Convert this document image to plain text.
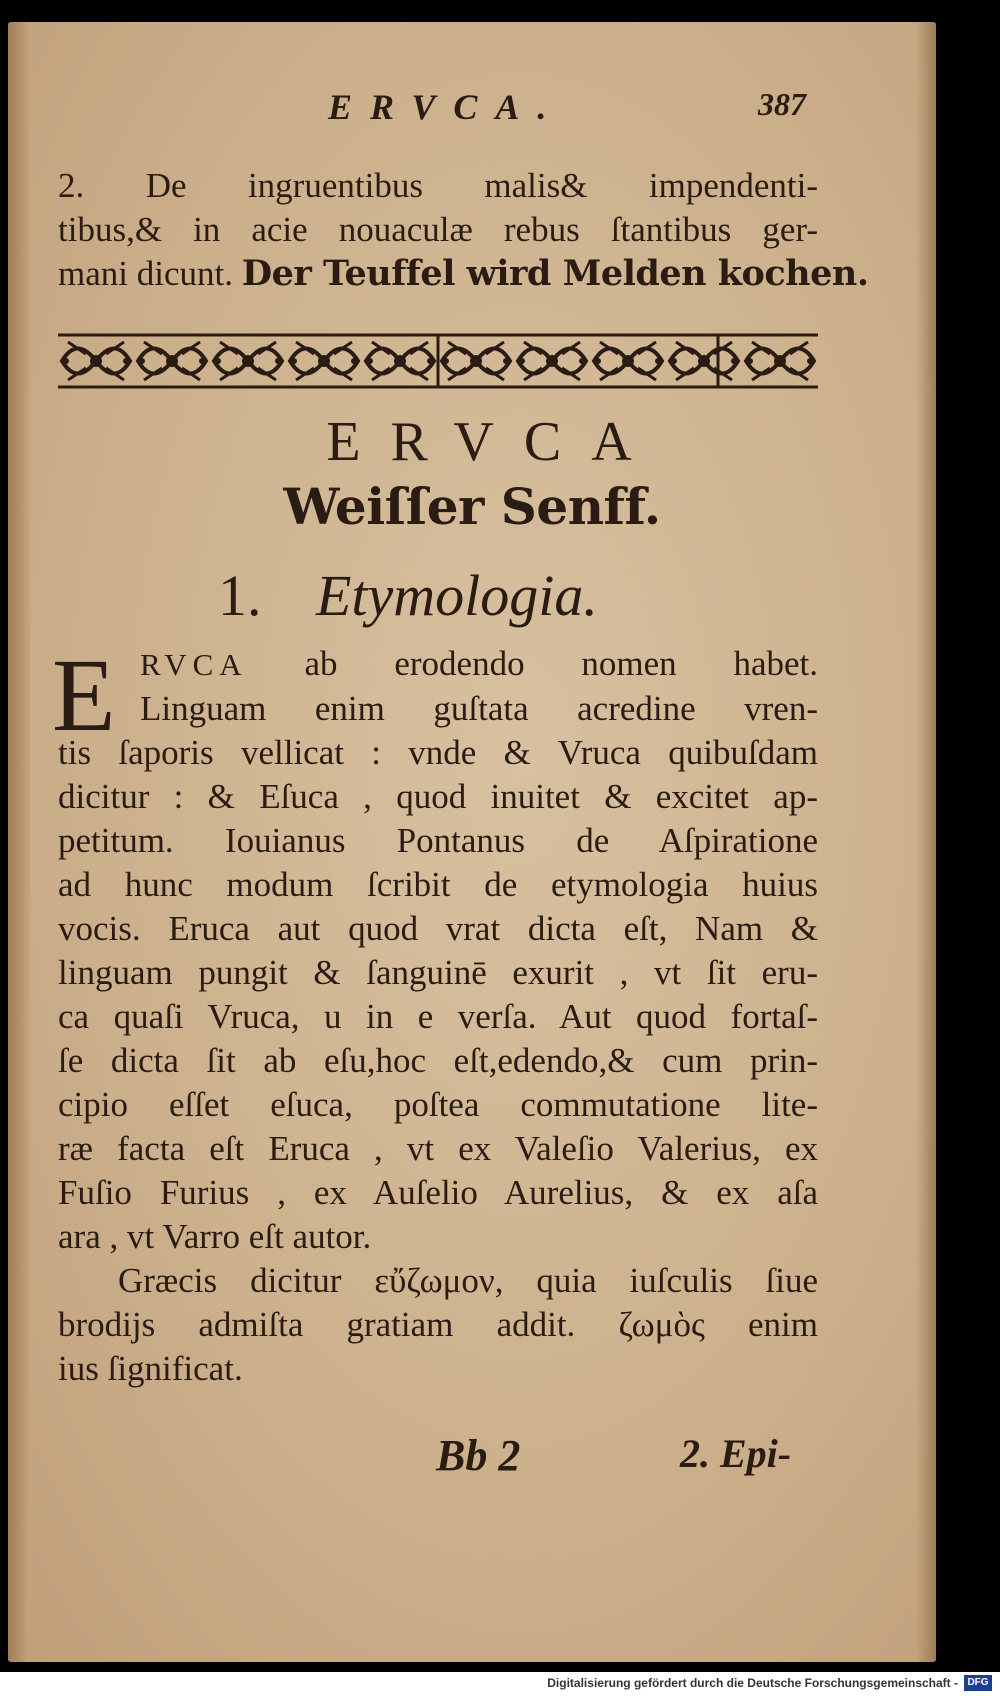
ERVCA.	387
2. De ingruentibus malis& impendenti-
tibus,& in acie nouaculæ rebus ſtantibus ger-
mani dicunt. Der Teuffel wird Melden kochen.
ERVCA
Weiſſer Senff.
1. Etymologia.
E RVCA ab erodendo nomen habet.
Linguam enim guſtata acredine vren-
tis ſaporis vellicat : vnde & Vruca quibuſdam
dicitur : & Eſuca , quod inuitet & excitet ap-
petitum. Iouianus Pontanus de Aſpiratione
ad hunc modum ſcribit de etymologia huius
vocis. Eruca aut quod vrat dicta eſt, Nam &
linguam pungit & ſanguinē exurit , vt ſit eru-
ca quaſi Vruca, u in e verſa. Aut quod fortaſ-
ſe dicta ſit ab eſu,hoc eſt,edendo,& cum prin-
cipio eſſet eſuca, poſtea commutatione lite-
ræ facta eſt Eruca , vt ex Valeſio Valerius, ex
Fuſio Furius , ex Auſelio Aurelius, & ex aſa
ara , vt Varro eſt autor.
Græcis dicitur εὔζωμον, quia iuſculis ſiue
brodijs admiſta gratiam addit. ζωμὸς enim
ius ſignificat.
Bb 2	2. Epi-
Digitalisierung gefördert durch die Deutsche Forschungsgemeinschaft - DFG
